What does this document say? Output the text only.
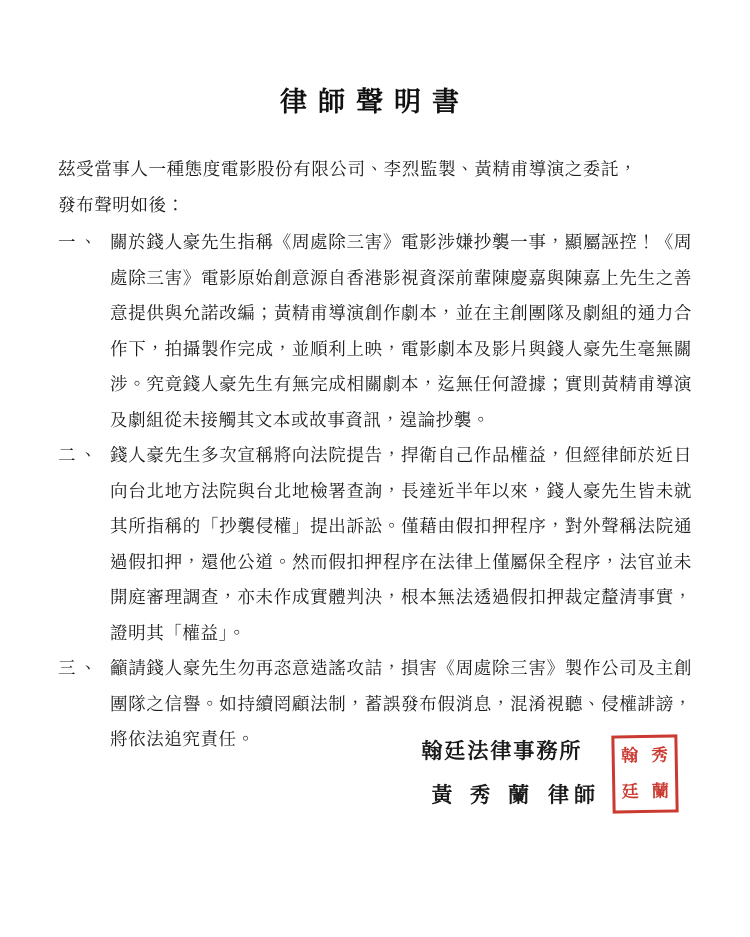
律師聲明書

茲受當事人一種態度電影股份有限公司、李烈監製、黃精甫導演之委託，
發布聲明如後：

一、 關於錢人豪先生指稱《周處除三害》電影涉嫌抄襲一事，顯屬誣控！《周處除三害》電影原始創意源自香港影視資深前輩陳慶嘉與陳嘉上先生之善意提供與允諾改編；黃精甫導演創作劇本，並在主創團隊及劇組的通力合作下，拍攝製作完成，並順利上映，電影劇本及影片與錢人豪先生毫無關涉。究竟錢人豪先生有無完成相關劇本，迄無任何證據；實則黃精甫導演及劇組從未接觸其文本或故事資訊，遑論抄襲。
二、 錢人豪先生多次宣稱將向法院提告，捍衛自己作品權益，但經律師於近日向台北地方法院與台北地檢署查詢，長達近半年以來，錢人豪先生皆未就其所指稱的「抄襲侵權」提出訴訟。僅藉由假扣押程序，對外聲稱法院通過假扣押，還他公道。然而假扣押程序在法律上僅屬保全程序，法官並未開庭審理調查，亦未作成實體判決，根本無法透過假扣押裁定釐清事實，證明其「權益」。
三、 籲請錢人豪先生勿再恣意造謠攻詰，損害《周處除三害》製作公司及主創團隊之信譽。如持續罔顧法制，蓄誤發布假消息，混淆視聽、侵權誹謗，將依法追究責任。	翰廷法律事務所
黃 秀 蘭 律師
秀
蘭
翰
廷
